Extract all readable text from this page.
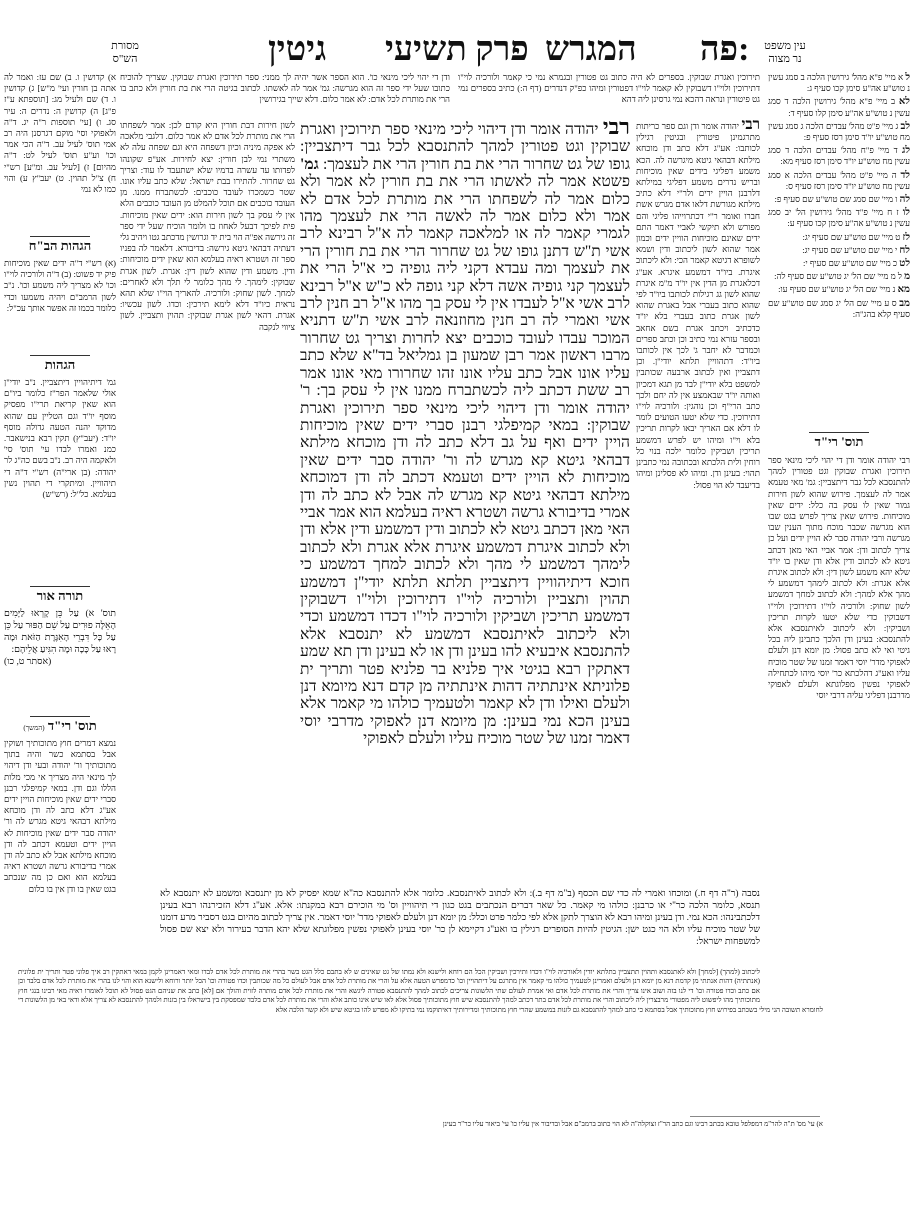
עין משפט
נר מצוה
פה:
המגרש
פרק תשיעי
גיטין
מסורת
הש"ס
ודן די יהוי ליכי מינאי כו'. הוא הספר אשר יהיה לך ממני: ספר תירוכין ואגרת שבוקין. שצריך להוכיח כתובו שעל ידי ספר זה הוא מגרשה: גמ' אמר לה לאשתו. לכתוב בגיטה הרי את בת חורין ולא כתב בו הרי את מותרת לכל אדם: לא אמר כלום. דלא שייך בגירושין
לשון חירות דבת חורין היא קודם לכן: אמר לשפחתו הרי את מותרת לכל אדם לא אמר כלום. דלגבי מלאכה לא אפקה מיניה וכיון דשפחה היא וגם שפחה עלה לא משתרי נמי לבן חורין: יצא לחירות. אע"פ שקונהו לפדותו עד עשרה בדמיו שלא ישתעבד לו עוד: וצריך גט שחרור. להתירו בבת ישראל: שלא כתב עליו אונו. שטר כשמכרו לעובד כוכבים: לכשתברח ממנו. מן העובד כוכבים אם תוכל להמלט מן העובד כוכבים הלא אין לי עסק בך לשון חירות הוא: ידים שאין מוכיחות. פית לפיכך דבעל לאחוז בו ולומר הוכיח שעל ידי ספר זה גירשה אפ"ה הוי בית יד וגרושין מדכתב גטו ויהיב גלי דעתיה דבהאי גיטא גירשה: בדיבורא. דלאמר לה בפניו ספר זה ושטרא ראיה בעלמא הוא שאין ידים מוכיחות: ודין. משמע ודין שהוא לשון דין: אגרת. לשון אגרת שבוקין: לימהך. לי מהך כלומר לי תלך ולא לאחרים: למחך. לשון שחוק: ולורכיה. להאריך הוי"ו שלא תהא נראית כיו"ד דלא לימא תירכין: וכדו. לשון עכשיו: אגרת. דהאי לשון אגרת שבוקין: תהוין ותצביין. לשון ציווי לנקבה
תירוכין ואגרת שבוקין. בספרים לא היה כתוב גט פטורין ובגמרא נמי כי קאמר ולורכיה לוי"ו דתירוכין ולוי"ו דשבוקין לא קאמר לוי"ו דפטורין ומיהו כפ"ק דנדרים (דף ה:) כתיב בספרים נמי גט פיטורין ונראה דהכא נמי גרסינן ליה דהא
רבי יהודה אומר ודן וגם ספר כריתות מתרגמינן פיטורין ובגיטין רגילין לכותבו: אע"ג דלא כתב ודן מוכחא מילתא דבהאי גיטא מיגרשה לה. הכא משמע דפליגי בידים שאין מוכיחות ובריש נדרים משמע דפליגי במילתא דלרבנן הויין ידים ולר"י דלא כתיב מילתא מגורשת דלאו אדם מגרש אשת חברו ואומר ר"י דכתרוייהו פליגי והם מפורש ולא תיקשי לאביי דאמר התם ידים שאינם מוכיחות הוויין ידים וכמון אמר שהוא לשון ליכתוב ודין ושמא לשופרא דגיטא קאמר הכי: ולא ליכתוב איגרת. ביו"ד דמשמע איגרא. אע"ג דכלאגרת מן הדין אין יו"ד מ"מ איגרת שהוא לשון גג רגילות לכותבו ביו"ד לפי שהוא כתוב בעברי אבל באגרת שהוא לשון אגרת כתוב בעברי בלא יו"ד כדכתיב ויכתב אגרת בשם אחאב ובספר עזרא נמי כתיב וכן וכתב ספרים וכמדבר לא יחבר ג' לכך אין לכותבו ביו"ד: דתהוויין תלתא יודי"ן. וכן דתצביין ואין לכתוב ארבעה שכותבין למשפט בלא יודי"ן לבד מן תגא דמכיון ואותה יו"ד שבאמצע אין לה יחם ולכך כתב הרי"ף וכן נוהגין: ולורכיה לוי"ו דתירוכין. כדי שלא יטעו הטועים לומר לו דלא אם האריך יבאו לקרות תריכין בלא וי"ו ומיהו יש לפרש דמשמע תריכין ושביקין כלומר ילכה בנוי כל רוחין ולית הלכתא ובכתובה נמי כתבינן תהוי: בעינן ודן. ומיהו לא פסלינן ומיהו בדיעבד לא הוי פסול:
רבי יהודה אומר ודן דיהוי ליכי מינאי ספר תירוכין ואגרת שבוקין וגט פטורין למהך להתנסבא לכל גבר דיתצביין: גופו של גט שחרור הרי את בת חורין הרי את לעצמך: גמ' פשטא אמר לה לאשתו הרי את בת חורין לא אמר ולא כלום אמר לה לשפחתו הרי את מותרת לכל אדם לא אמר ולא כלום אמר לה לאשה הרי את לעצמך מהו לגמרי קאמר לה או למלאכה קאמר לה א"ל רבינא לרב אשי ת"ש דתנן גופו של גט שחרור הרי את בת חורין הרי את לעצמך ומה עבדא דקני ליה גופיה כי א"ל הרי את לעצמך קני גופיה אשה דלא קני גופה לא כ"ש א"ל רבינא לרב אשי א"ל לעבדו אין לי עסק בך מהו א"ל רב חנין לרב אשי ואמרי לה רב חנין מחוזנאה לרב אשי ת"ש דתניא המוכר עבדו לעובד כוכבים יצא לחרות וצריך גט שחרור מרבו ראשון אמר רבן שמעון בן גמליאל בד"א שלא כתב עליו אונו אבל כתב עליו אונו זהו שחרורו מאי אונו אמר רב ששת דכתב ליה לכשתברח ממנו אין לי עסק בך: ר' יהודה אומר ודן דיהוי ליכי מינאי ספר תירוכין ואגרת שבוקין: במאי קמיפלגי רבנן סברי ידים שאין מוכיחות הויין ידים ואף על גב דלא כתב לה ודן מוכחא מילתא דבהאי גיטא קא מגרש לה ור' יהודה סבר ידים שאין מוכיחות לא הויין ידים וטעמא דכתב לה ודן דמוכחא מילתא דבהאי גיטא קא מגרש לה אבל לא כתב לה ודן אמרי בדיבורא גרשה ושטרא ראיה בעלמא הוא אמר אביי האי מאן דכתב גיטא לא לכתוב ודין דמשמע ודין אלא ודן ולא לכתוב איגרת דמשמע איגרת אלא אגרת ולא לכתוב לימהך דמשמע לי מהך ולא לכתוב למחך דמשמע כי חוכא דיתיהוויין דיתצביין תלתא תלתא יודי"ן דמשמע תהוין ותצביין ולורכיה לוי"ו דתירוכין ולוי"ו דשבוקין דמשמע תריכין ושביקין ולורכיה לוי"ו דכדו דמשמע וכדי ולא ליכתוב לאיתנסבא דמשמע לא יתנסבא אלא להתנסבא איבעיא להו בעינן ודן או לא בעינן ודן תא שמע דאתקין רבא בגיטי איך פלניא בר פלניא פטר ותריך ית פלוניתא אינתתיה דהות אינתתיה מן קדם דנא מיומא דנן ולעלם ואילו ודן לא קאמר ולטעמיך כולהו מי קאמר אלא בעינן הכא נמי בעינן: מן מיומא דנן לאפוקי מדרבי יוסי דאמר זמנו של שטר מוכיח עליו ולעלם לאפוקי
נסבה (ר"ה דף ח.) ומוכחו ואמרי לה כדי שם הכסף (ב"מ דף ב.): ולא לכתוב לאיתנסבא. כלומר אלא להתנסבא כה"א שמא יפסיק לא מן יתנסבא ומשמע לא יתנסבא לא תנסא, כלומר הלכה כר"י או כרבנן: כולהו מי קאמר. כל שאר דברים הנכתבים בגט כגון די תיהוויין וס' מי הוכירם רבא במקנתו: אלא. אע"ג דלא הזכירנהו רבא בעינן דלכתבינהו: הכא נמי. ודן בעינן ומיהו רבא לא הוצרך לתקן אלא לפי כלמר פרט וכלל: מן יומא דנן ולעלם לאפוקי מדר' יוסי דאמר. אין צריך לכתוב מהיום בגט דסביר מרע דומנו של שטר מוכיח עליו ולא הוי כגט ישן: הגיטין להיות הסופרים רגילין בו ואע"ג דקיימא לן כר' יוסי בעינן לאפוקי נפשין מפלוגתא שלא יהא הדבר בעירור ולא יצא שם פסול למשפחות ישראל:
ל א מיי' פ"א מהל' גירושין הלכה ב סמג עשין נ טוש"ע אה"ע סימן קכו סעיף ג:
לא ב מיי' פ"א מהל' גירושין הלכה ד סמג עשין נ טוש"ע אה"ע סימן קלו סעיף ד:
לב ג מיי' פ"ט מהל' עבדים הלכה ג סמג עשין מח טוש"ע יו"ד סימן רסז סעיף פ:
לג ד מיי' פ"ח מהל' עבדים הלכה ד סמג עשין מח טוש"ע יו"ד סימן רסז סעיף מא:
לד ה מיי' פ"ט מהל' עבדים הלכה א סמג עשין מח טוש"ע יו"ד סימן רסז סעיף ס:
לה ו מיי' שם סמג שם טוש"ע שם סעיף פ:
לו ז ח מיי' פ"ד מהל' גירושין הל' יב סמג עשין נ טוש"ע אה"ע סימן קכו סעיף ע:
לז ט מיי' שם טוש"ע שם סעיף יג:
לח י מיי' שם טוש"ע שם סעיף יג:
לט כ מיי' שם טוש"ע שם סעיף י:
מ ל מ מיי' שם הל' יג טוש"ע שם סעיף לה:
מא נ מיי' שם הל' יג טוש"ע שם סעיף עו:
מב ס ע מיי' שם הל' יג סמג שם טוש"ע שם סעיף קלא בהג"ה:
תוס' רי"ד
רבי יהודה אומר ודן די יהוי ליכי מינאי ספר תירוכין ואגרת שבוקין וגט פטורין למהך להתנסבא לכל גבר דיתצביין: גמ' מאי טעמא אמר לה לעצמך. פירוש שהוא לשון חירות גמור שאין לו עסק בה כלל: ידים שאין מוכיחות. פירוש שאין צריך לפרש בגט שבו הוא מגרשה שכבר מוכח מתוך הענין שבו מגרשה ורבי יהודה סבר לא הויין ידים ועל כן צריך לכתוב ודן: אמר אביי האי מאן דכתב גיטא לא לכתוב ודין אלא ודן שאין בו יו"ד שלא יהא משמע לשון דין: ולא לכתוב איגרת אלא אגרת: ולא לכתוב לימהך דמשמע לי מהך אלא למהך: ולא לכתוב למחך דמשמע לשון שחוק: ולורכיה לוי"ו דתירוכין ולוי"ו דשבוקין כדי שלא יטעו לקרות תריכין ושביקין: ולא ליכתוב לאיתנסבא אלא להתנסבא: בעינן ודן הלכך כתבינן ליה בכל גיטי ואי לא כתב פסול: מן יומא דנן ולעלם לאפוקי מדר' יוסי דאמר זמנו של שטר מוכיח עליו ואע"ג דהלכתא כר' יוסי מיהו לכתחילה לאפוקי נפשין מפלוגתא ולעלם לאפוקי מדרבנן דפליגי עליה דרבי יוסי
א) קדושין ו. ב) שם עז: ואמר לה אתה בן חורין ועי' מ"ש] ג) קדושין ו. ד) שם ולעיל מג: [תוספתא ע"ז פ"ג] ה) קדושין ה: נדרים ה: עיר סג. ו) [עי' תוספות ר"ה יג. ד"ה ולאפוקי וסי' מוקם דגרסנן היה רב אמי תוס' לעיל עב. ד"ה הכי אמר וכו' וע"ע תוס' לעיל לט: ד"ה מהיום] ז) [לעיל עב. ומ"ע] רש"י ח) צ"ל תהוין. ט) יעב"ץ ע) והוי כמו לא נמי
הגהות הב"ח
(א) רש"י ד"ה ידים שאין מוכיחות פיק יד פשוט: (ב) ד"ה ולורכיה לוי"ו וכו' לא מצריך ליה משמע וכו'. נ"ב לשון הרמב"ם ויהיה משמעו וכדי כלומר בכמו זה אפשר אותך עכ"ל:
הגהות
גמ' דיתיהויין דיתצביין. נ"ב יודי"ן אולי שלאמר הפר"ז כלומר ביו"ם הוא שאין קריאת תרי"ו מפסיק מוסף יו"ד וגם הטליין עם שהוא מדוקד יהנה הטעה גדולה מוסף יו"ד: (יעב"ץ) תקין רבא בנישאבר. כמנ ואמרו לבדו עי' תוס' סי' ולאקמה היה רב. נ"ב בשם כה"ג לר יהודה: (בן ארי"ה) רש"י ד"ה די תיהוויין. ומיתקרי די תהוין נשין בעלמא. כל"ל: (רש"ש)
תורה אור
תוס' א) עַל כֵּן קָרְאוּ לַיָּמִים הָאֵלֶּה פוּרִים עַל שֵׁם הַפּוּר עַל כֵּן עַל כָּל דִּבְרֵי הָאִגֶּרֶת הַזֹּאת וּמָה רָאוּ עַל כָּכָה וּמָה הִגִּיעַ אֲלֵיהֶם:
(אסתר ט, כו)
תוס' רי"ד (המשך)
נמצא דמרים חוץ מתוכותיך ושוקין אבל בסתמא כשר והיה בתוך מתוכותיך ור' יהודה ובעי ודן דיהוי לך מינאי היה מצריך אי מכי מלות הללו וגם ודן. במאי קמיפלגי רבנן סברי ידים שאין מוכיחות הויין ידים אע"ג דלא כתב לה ודן מוכחא מילתא דבהאי גיטא מגרש לה ור' יהודה סבר ידים שאין מוכיחות לא הויין ידים וטעמא דכתב לה ודן מוכחא מילתא אבל לא כתב לה ודן אמרי בדיבורא גרשה ושטרא ראיה בעלמא הוא ואם כן מה שנכתב בגט שאין בו ודן אין בו כלום
ליכתוב (למהך) [למחך] ולא לאתנסבא ותהוין תתצביין בתלתא יודין ולאורכיה לוי"ו דכדו ותירכין ושביקין הכל הם רוחא ולישנא ולא נמתו של גט שאינים ש לא בתבם כלל הגט בשר בהרי את מותרת לכל אדם לבדו ומאי דאמרינן לקמן במאי דאתקין רב איך פלוני פטר ותריך ית פלונית (אנתתיה) דהות אנתתי מן קדמת דנא מן יומא דנן ולעלם ואמרינן לטעמיך כולהו מי קאמר אין מתרגם על דיתהויין וכו' כדמפרש הטעה אלא על והרי את מותרת לכל אדם אבל לעולם כל מה שכותבין וכדו פטורה וכו' הכל יותר ורוחא ולישנא הוא והוי לנו בהרי את מותרת לכל אדם בלבד וכן אם כתב וכדו פטורה וכו' די לנו בזה ושוב אינו צריך והרי את מותרת לכל אדם ואי אמרת לעולם שתי הלשונות צריכים לכתוב למהך להתנסבא פטורה ליגשא והרי את מותרת לכל אדם מותרה לזוית והולך אם [לא] כתב את שניהם הגט פסול לא תוכל לאומרו ראיה מאי רבינו בנגי חוץ מתוכותיך מהו ליפשוט ליה מפטורי מרבצרין ליה ליכתוב והרי את מותרת לכל אדם בתר דכתב למהך להתנסבא שיש חוץ מתוכותיך פסול אלא לאו שיש אינו כותב אלא והרי את מותרת לכל אדם בלבד שמפסקת בין בישראלו בין בזנות ולמהך להתנסבא לא צריך אלא ודאי באי מן הלשונות די
לחומרא תשובה הני מילי בשכתב בפירוש חוץ מתוכותיך אבל בסתמא כי כתב למהך להתנסבא גם לזנות במשמע שהרי חוץ מתוכותיך ומדירותיך דאיתוקמו נמי בתיקו לא מפרש להו בגיטא שיש ולא קשר הלכה אלא
א) עי' מס' ת"ה להר"מ דמפלפל טובא בכתב רבינו וגם כתב הר"ז זצוקלה"ה לא הוי כתוב ברמב"ם אבל ובדיבור אין עליו כו' עי' ביאור עליו כר"ר בעינן
